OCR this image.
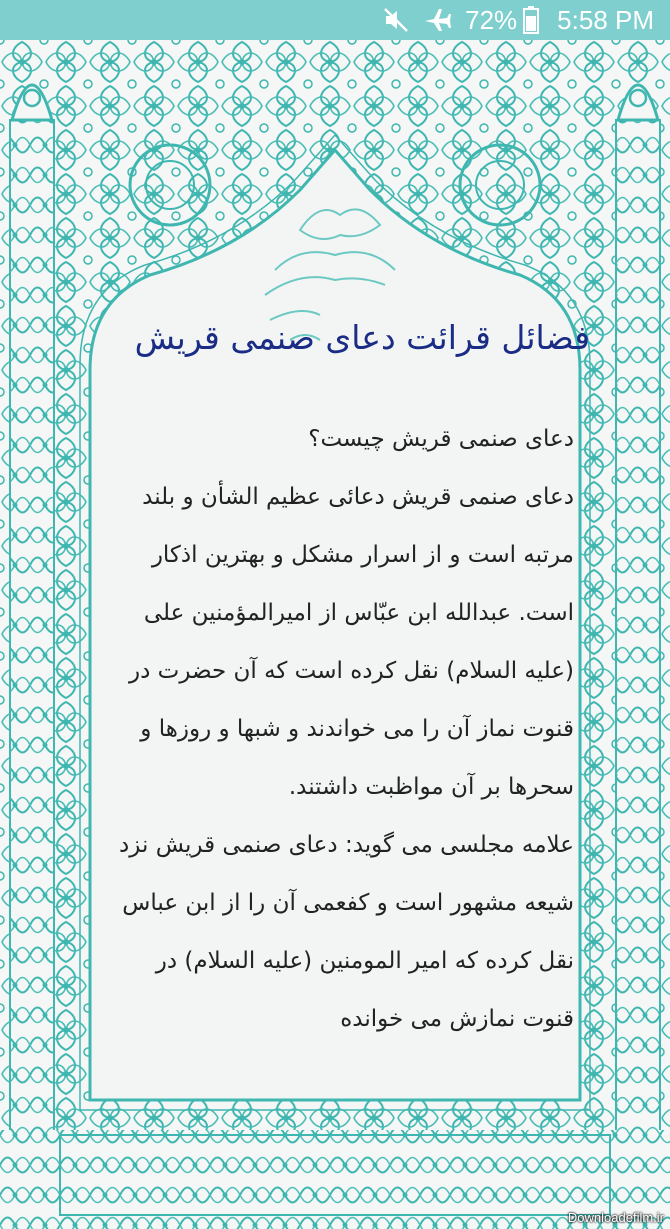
72% 5:58 PM
فضائل قرائت دعای صنمی قریش

دعای صنمی قریش چیست؟

دعای صنمی قریش دعائی عظیم الشأن و بلند مرتبه است و از اسرار مشکل و بهترین اذکار است. عبدالله ابن عبّاس از امیرالمؤمنین علی (علیه السلام) نقل کرده است که آن حضرت در قنوت نماز آن را می خواندند و شبها و روزها و سحرها بر آن مواظبت داشتند.

علامه مجلسی می گوید: دعای صنمی قریش نزد شیعه مشهور است و کفعمی آن را از ابن عباس نقل کرده که امیر المومنین (علیه السلام) در قنوت نمازش می خوانده

Downloadefilm.ir
